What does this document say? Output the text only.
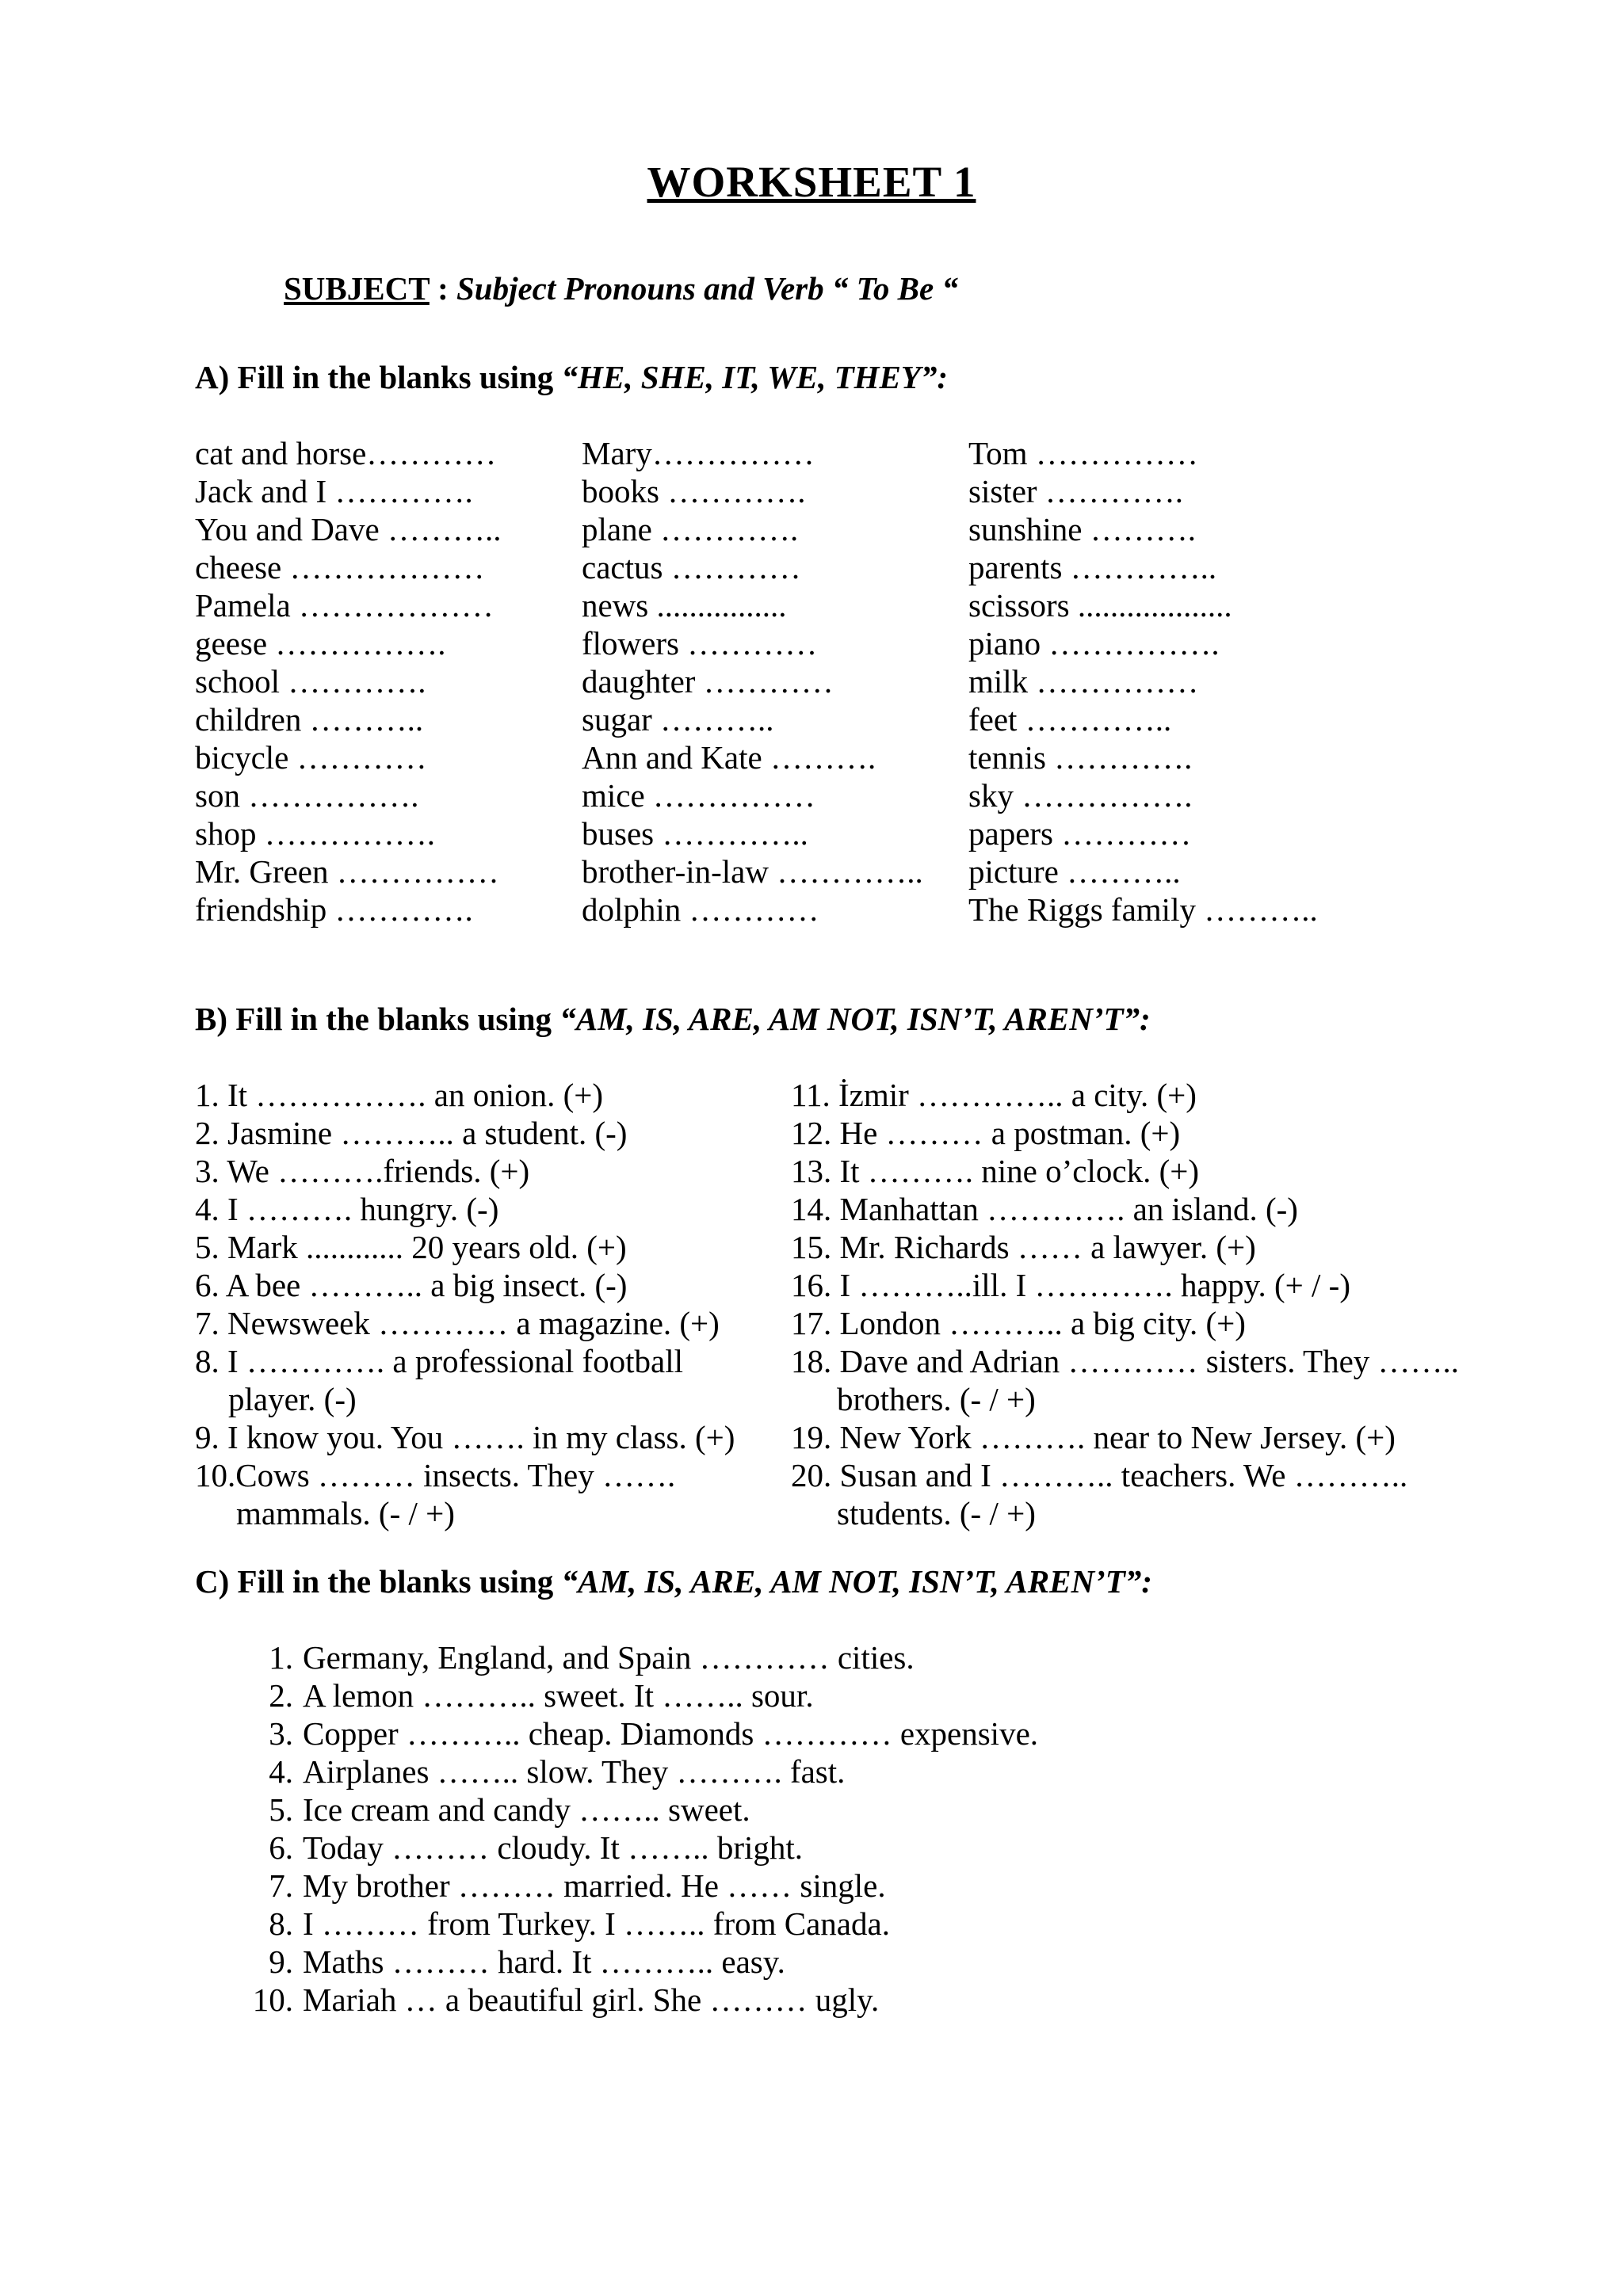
WORKSHEET 1
SUBJECT : Subject Pronouns and Verb “ To Be “
A) Fill in the blanks using “HE, SHE, IT, WE, THEY”:
cat and horse…………
Jack and I ………….
You and Dave ………..
cheese ………………
Pamela ………………
geese …………….
school ………….
children ………..
bicycle …………
son …………….
shop …………….
Mr. Green ……………
friendship ………….
Mary……………
books ………….
plane ………….
cactus …………
news ................
flowers …………
daughter …………
sugar ………..
Ann and Kate ……….
mice ……………
buses …………..
brother-in-law …………..
dolphin …………
Tom ……………
sister ………….
sunshine ……….
parents …………..
scissors ...................
piano …………….
milk ……………
feet …………..
tennis ………….
sky …………….
papers …………
picture ………..
The Riggs family ………..
B) Fill in the blanks using “AM, IS, ARE, AM NOT, ISN’T, AREN’T”:
1. It ……………. an onion. (+)
2. Jasmine ……….. a student. (-)
3. We ……….friends. (+)
4. I ………. hungry. (-)
5. Mark ............ 20 years old. (+)
6. A bee ……….. a big insect. (-)
7. Newsweek ………… a magazine. (+)
8. I …………. a professional football
player. (-)
9. I know you. You ……. in my class. (+)
10.Cows ……… insects. They …….
mammals. (- / +)
11. İzmir ………….. a city. (+)
12. He ……… a postman. (+)
13. It ………. nine o’clock. (+)
14. Manhattan …………. an island. (-)
15. Mr. Richards …… a lawyer. (+)
16. I ………..ill. I …………. happy. (+ / -)
17. London ……….. a big city. (+)
18. Dave and Adrian ………… sisters. They ……..
brothers. (- / +)
19. New York ………. near to New Jersey. (+)
20. Susan and I ……….. teachers. We ………..
students. (- / +)
C) Fill in the blanks using “AM, IS, ARE, AM NOT, ISN’T, AREN’T”:
1. Germany, England, and Spain ………… cities.
2. A lemon ……….. sweet. It …….. sour.
3. Copper ……….. cheap. Diamonds ………… expensive.
4. Airplanes …….. slow. They ………. fast.
5. Ice cream and candy …….. sweet.
6. Today ……… cloudy. It …….. bright.
7. My brother ……… married. He …… single.
8. I ……… from Turkey. I …….. from Canada.
9. Maths ……… hard. It ……….. easy.
10. Mariah … a beautiful girl. She ……… ugly.
